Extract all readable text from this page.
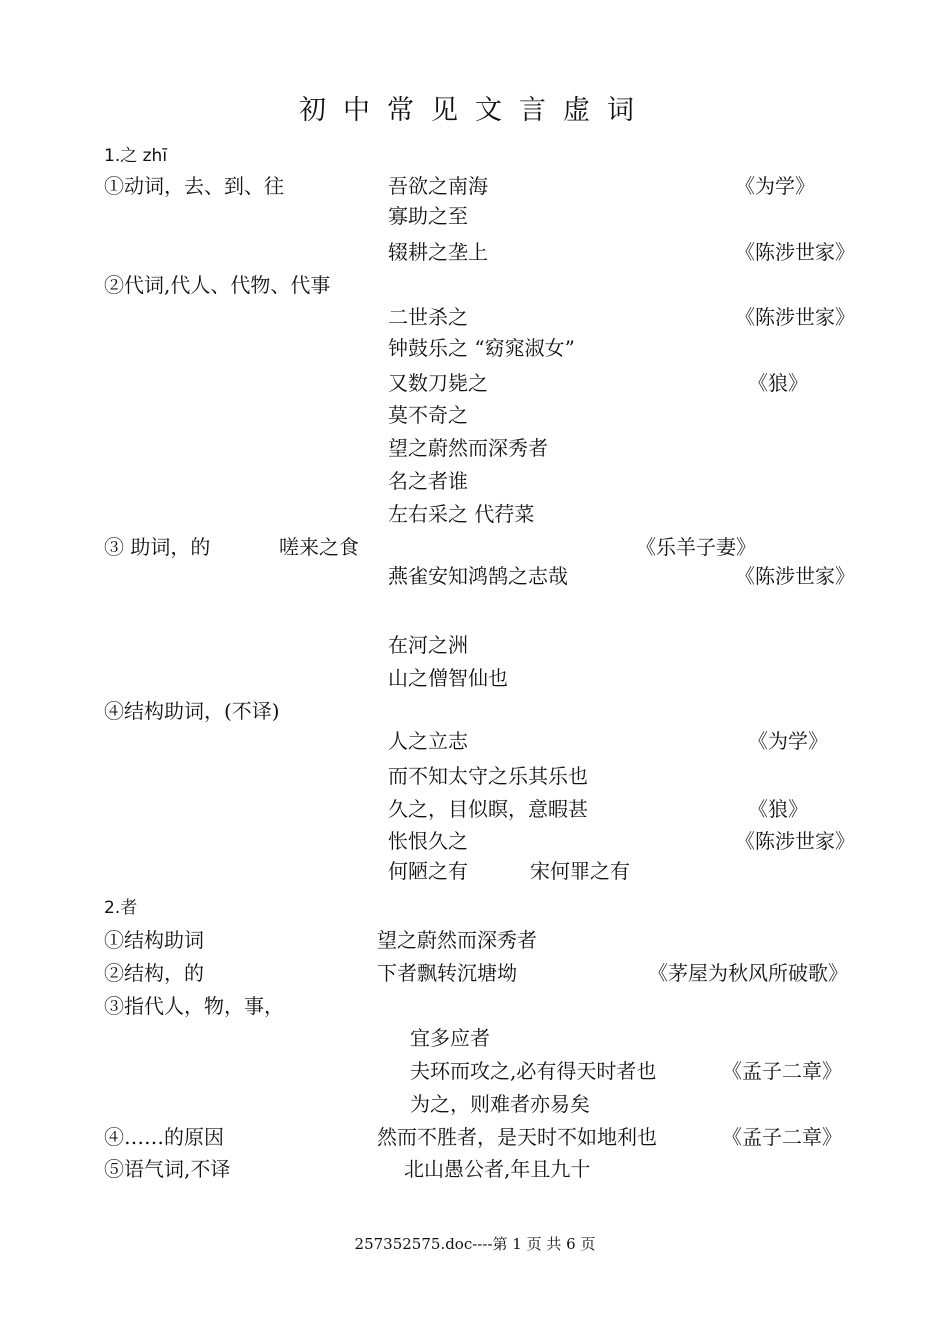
初中常见文言虚词
1.之 zhī
①动词，去、到、往	吾欲之南海	《为学》
寡助之至
辍耕之垄上	《陈涉世家》
②代词,代人、代物、代事
二世杀之	《陈涉世家》
钟鼓乐之 “窈窕淑女”
又数刀毙之	《狼》
莫不奇之
望之蔚然而深秀者
名之者谁
左右采之 代荇菜
③ 助词，的	嗟来之食	《乐羊子妻》
燕雀安知鸿鹄之志哉	《陈涉世家》
在河之洲
山之僧智仙也
④结构助词，(不译)
人之立志	《为学》
而不知太守之乐其乐也
久之，目似瞑，意暇甚	《狼》
怅恨久之	《陈涉世家》
何陋之有	宋何罪之有
2.者
①结构助词	望之蔚然而深秀者
②结构，的	下者飘转沉塘坳	《茅屋为秋风所破歌》
③指代人，物，事，
宜多应者
夫环而攻之,必有得天时者也	《孟子二章》
为之，则难者亦易矣
④……的原因	然而不胜者，是天时不如地利也	《孟子二章》
⑤语气词,不译	北山愚公者,年且九十
257352575.doc----第 1 页 共 6 页
